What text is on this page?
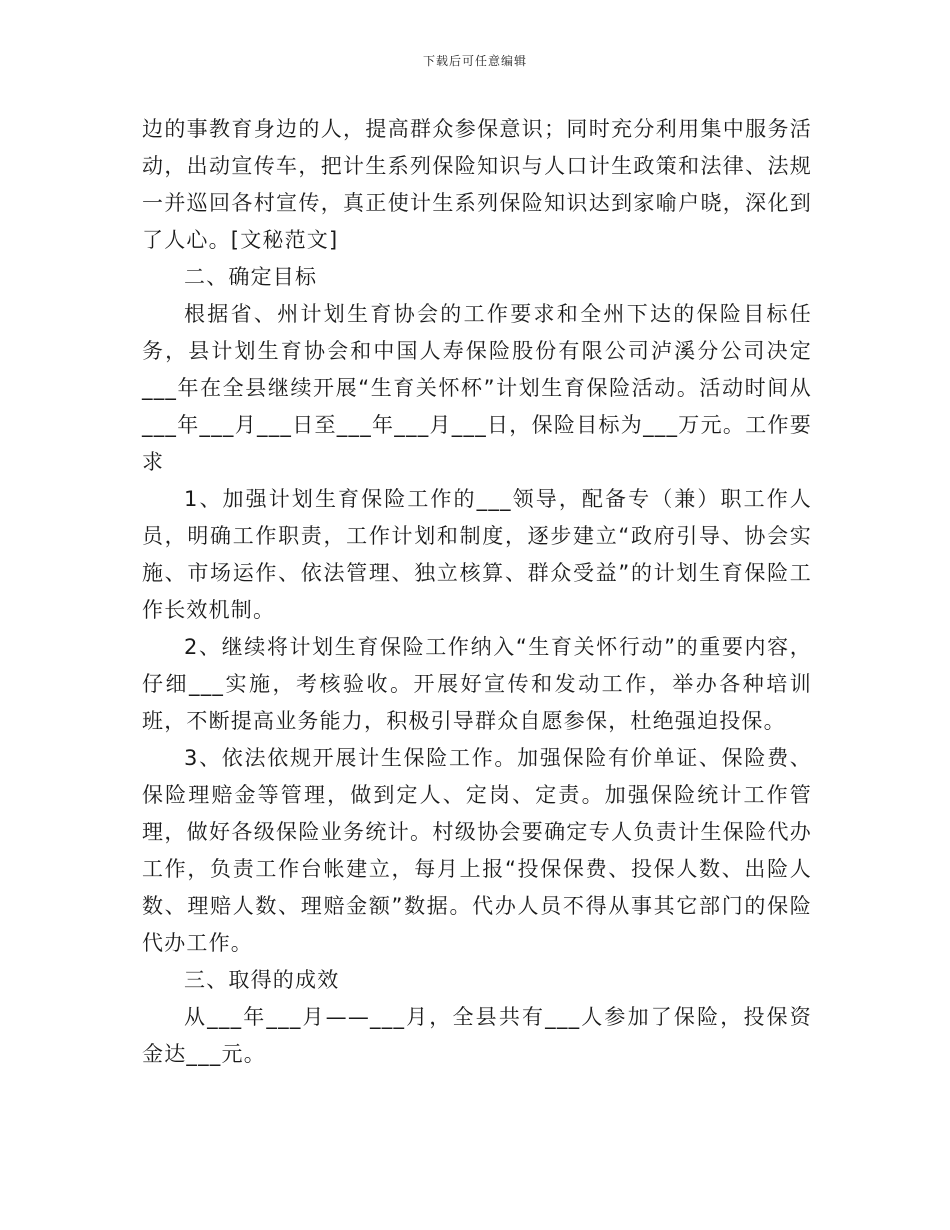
下载后可任意编辑

边的事教育身边的人，提高群众参保意识；同时充分利用集中服务活动，出动宣传车，把计生系列保险知识与人口计生政策和法律、法规一并巡回各村宣传，真正使计生系列保险知识达到家喻户晓，深化到了人心。[文秘范文]

二、确定目标

根据省、州计划生育协会的工作要求和全州下达的保险目标任务，县计划生育协会和中国人寿保险股份有限公司泸溪分公司决定___年在全县继续开展“生育关怀杯”计划生育保险活动。活动时间从___年___月___日至___年___月___日，保险目标为___万元。工作要求

1、加强计划生育保险工作的___领导，配备专（兼）职工作人员，明确工作职责，工作计划和制度，逐步建立“政府引导、协会实施、市场运作、依法管理、独立核算、群众受益”的计划生育保险工作长效机制。

2、继续将计划生育保险工作纳入“生育关怀行动”的重要内容，仔细___实施，考核验收。开展好宣传和发动工作，举办各种培训班，不断提高业务能力，积极引导群众自愿参保，杜绝强迫投保。

3、依法依规开展计生保险工作。加强保险有价单证、保险费、保险理赔金等管理，做到定人、定岗、定责。加强保险统计工作管理，做好各级保险业务统计。村级协会要确定专人负责计生保险代办工作，负责工作台帐建立，每月上报“投保保费、投保人数、出险人数、理赔人数、理赔金额”数据。代办人员不得从事其它部门的保险代办工作。

三、取得的成效

从___年___月——___月，全县共有___人参加了保险，投保资金达___元。
